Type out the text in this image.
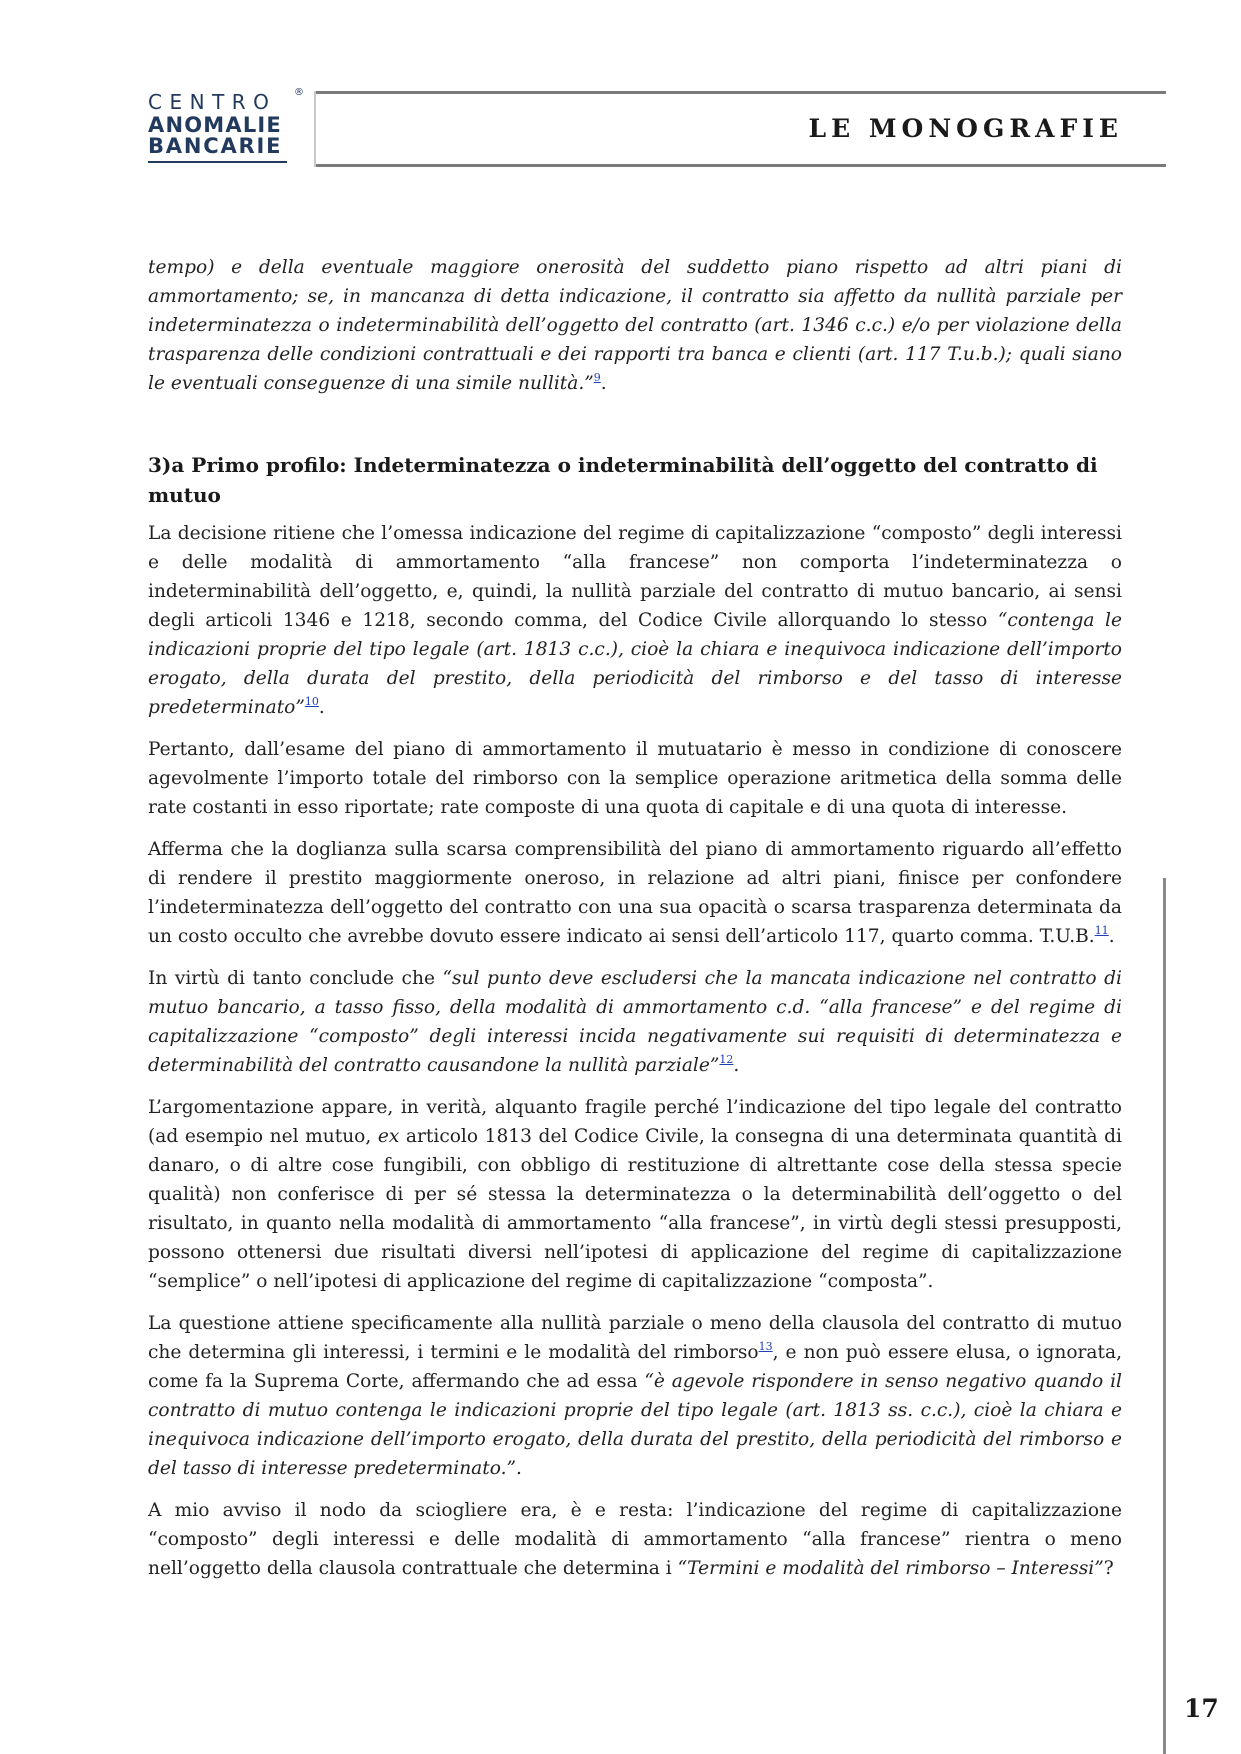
CENTRO ®
ANOMALIE
BANCARIE
LE MONOGRAFIE

tempo) e della eventuale maggiore onerosità del suddetto piano rispetto ad altri piani di ammortamento; se, in mancanza di detta indicazione, il contratto sia affetto da nullità parziale per indeterminatezza o indeterminabilità dell’oggetto del contratto (art. 1346 c.c.) e/o per violazione della trasparenza delle condizioni contrattuali e dei rapporti tra banca e clienti (art. 117 T.u.b.); quali siano le eventuali conseguenze di una simile nullità.”$^9$.

3)a Primo profilo: Indeterminatezza o indeterminabilità dell’oggetto del contratto di mutuo

La decisione ritiene che l’omessa indicazione del regime di capitalizzazione “composto” degli interessi e delle modalità di ammortamento “alla francese” non comporta l’indeterminatezza o indeterminabilità dell’oggetto, e, quindi, la nullità parziale del contratto di mutuo bancario, ai sensi degli articoli 1346 e 1218, secondo comma, del Codice Civile allorquando lo stesso “contenga le indicazioni proprie del tipo legale (art. 1813 c.c.), cioè la chiara e inequivoca indicazione dell’importo erogato, della durata del prestito, della periodicità del rimborso e del tasso di interesse predeterminato”$^{10}$.

Pertanto, dall’esame del piano di ammortamento il mutuatario è messo in condizione di conoscere agevolmente l’importo totale del rimborso con la semplice operazione aritmetica della somma delle rate costanti in esso riportate; rate composte di una quota di capitale e di una quota di interesse.

Afferma che la doglianza sulla scarsa comprensibilità del piano di ammortamento riguardo all’effetto di rendere il prestito maggiormente oneroso, in relazione ad altri piani, finisce per confondere l’indeterminatezza dell’oggetto del contratto con una sua opacità o scarsa trasparenza determinata da un costo occulto che avrebbe dovuto essere indicato ai sensi dell’articolo 117, quarto comma. T.U.B.$^{11}$.

In virtù di tanto conclude che “sul punto deve escludersi che la mancata indicazione nel contratto di mutuo bancario, a tasso fisso, della modalità di ammortamento c.d. “alla francese” e del regime di capitalizzazione “composto” degli interessi incida negativamente sui requisiti di determinatezza e determinabilità del contratto causandone la nullità parziale”$^{12}$.

L’argomentazione appare, in verità, alquanto fragile perché l’indicazione del tipo legale del contratto (ad esempio nel mutuo, ex articolo 1813 del Codice Civile, la consegna di una determinata quantità di danaro, o di altre cose fungibili, con obbligo di restituzione di altrettante cose della stessa specie qualità) non conferisce di per sé stessa la determinatezza o la determinabilità dell’oggetto o del risultato, in quanto nella modalità di ammortamento “alla francese”, in virtù degli stessi presupposti, possono ottenersi due risultati diversi nell’ipotesi di applicazione del regime di capitalizzazione “semplice” o nell’ipotesi di applicazione del regime di capitalizzazione “composta”.

La questione attiene specificamente alla nullità parziale o meno della clausola del contratto di mutuo che determina gli interessi, i termini e le modalità del rimborso$^{13}$, e non può essere elusa, o ignorata, come fa la Suprema Corte, affermando che ad essa “è agevole rispondere in senso negativo quando il contratto di mutuo contenga le indicazioni proprie del tipo legale (art. 1813 ss. c.c.), cioè la chiara e inequivoca indicazione dell’importo erogato, della durata del prestito, della periodicità del rimborso e del tasso di interesse predeterminato.”.

A mio avviso il nodo da sciogliere era, è e resta: l’indicazione del regime di capitalizzazione “composto” degli interessi e delle modalità di ammortamento “alla francese” rientra o meno nell’oggetto della clausola contrattuale che determina i “Termini e modalità del rimborso – Interessi”?

17
